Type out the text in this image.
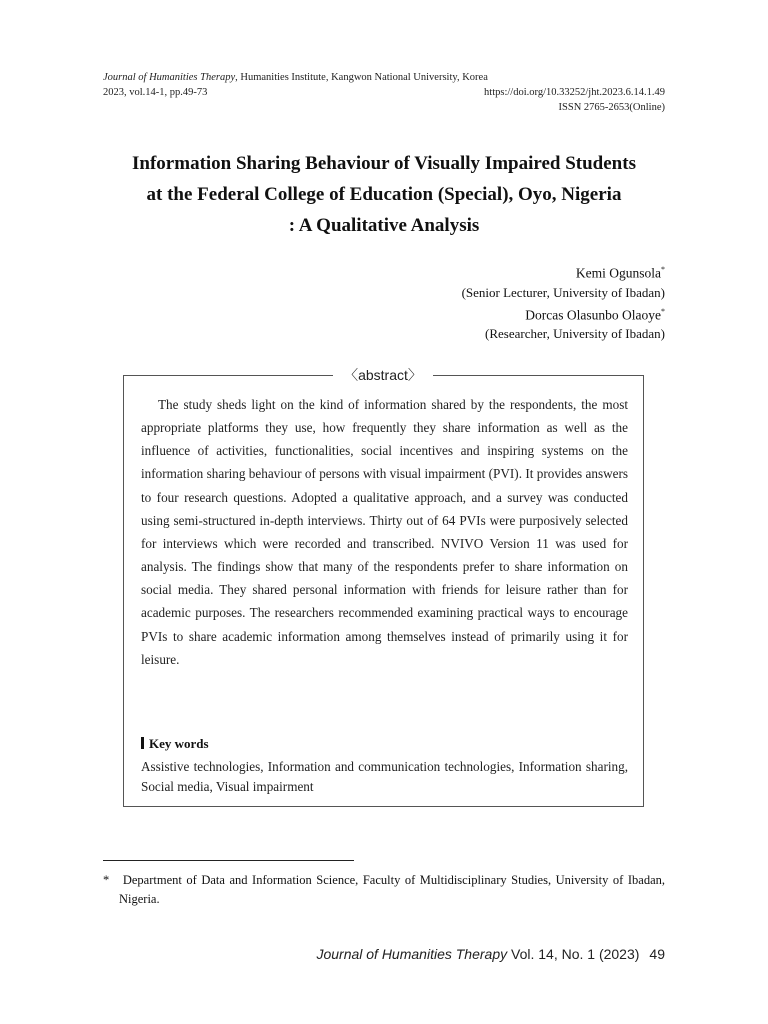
Journal of Humanities Therapy, Humanities Institute, Kangwon National University, Korea
2023, vol.14-1, pp.49-73	https://doi.org/10.33252/jht.2023.6.14.1.49
ISSN 2765-2653(Online)
Information Sharing Behaviour of Visually Impaired Students
at the Federal College of Education (Special), Oyo, Nigeria
: A Qualitative Analysis
Kemi Ogunsola*
(Senior Lecturer, University of Ibadan)
Dorcas Olasunbo Olaoye*
(Researcher, University of Ibadan)
〈abstract〉
The study sheds light on the kind of information shared by the respondents, the most appropriate platforms they use, how frequently they share information as well as the influence of activities, functionalities, social incentives and inspiring systems on the information sharing behaviour of persons with visual impairment (PVI). It provides answers to four research questions. Adopted a qualitative approach, and a survey was conducted using semi-structured in-depth interviews. Thirty out of 64 PVIs were purposively selected for interviews which were recorded and transcribed. NVIVO Version 11 was used for analysis. The findings show that many of the respondents prefer to share information on social media. They shared personal information with friends for leisure rather than for academic purposes. The researchers recommended examining practical ways to encourage PVIs to share academic information among themselves instead of primarily using it for leisure.
Key words
Assistive technologies, Information and communication technologies, Information sharing, Social media, Visual impairment
* Department of Data and Information Science, Faculty of Multidisciplinary Studies, University of Ibadan, Nigeria.
Journal of Humanities Therapy Vol. 14, No. 1 (2023) 49
